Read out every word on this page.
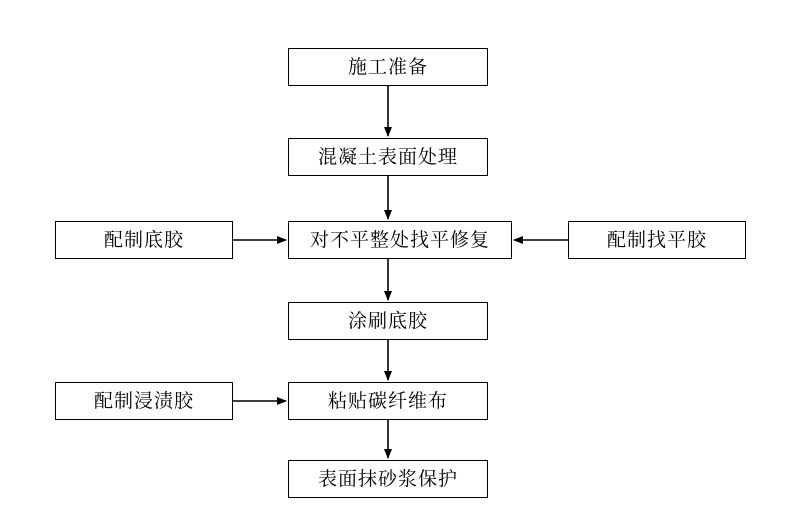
施工准备
混凝土表面处理
配制底胶	对不平整处找平修复	配制找平胶
涂刷底胶
配制浸渍胶	粘贴碳纤维布
表面抹砂浆保护
